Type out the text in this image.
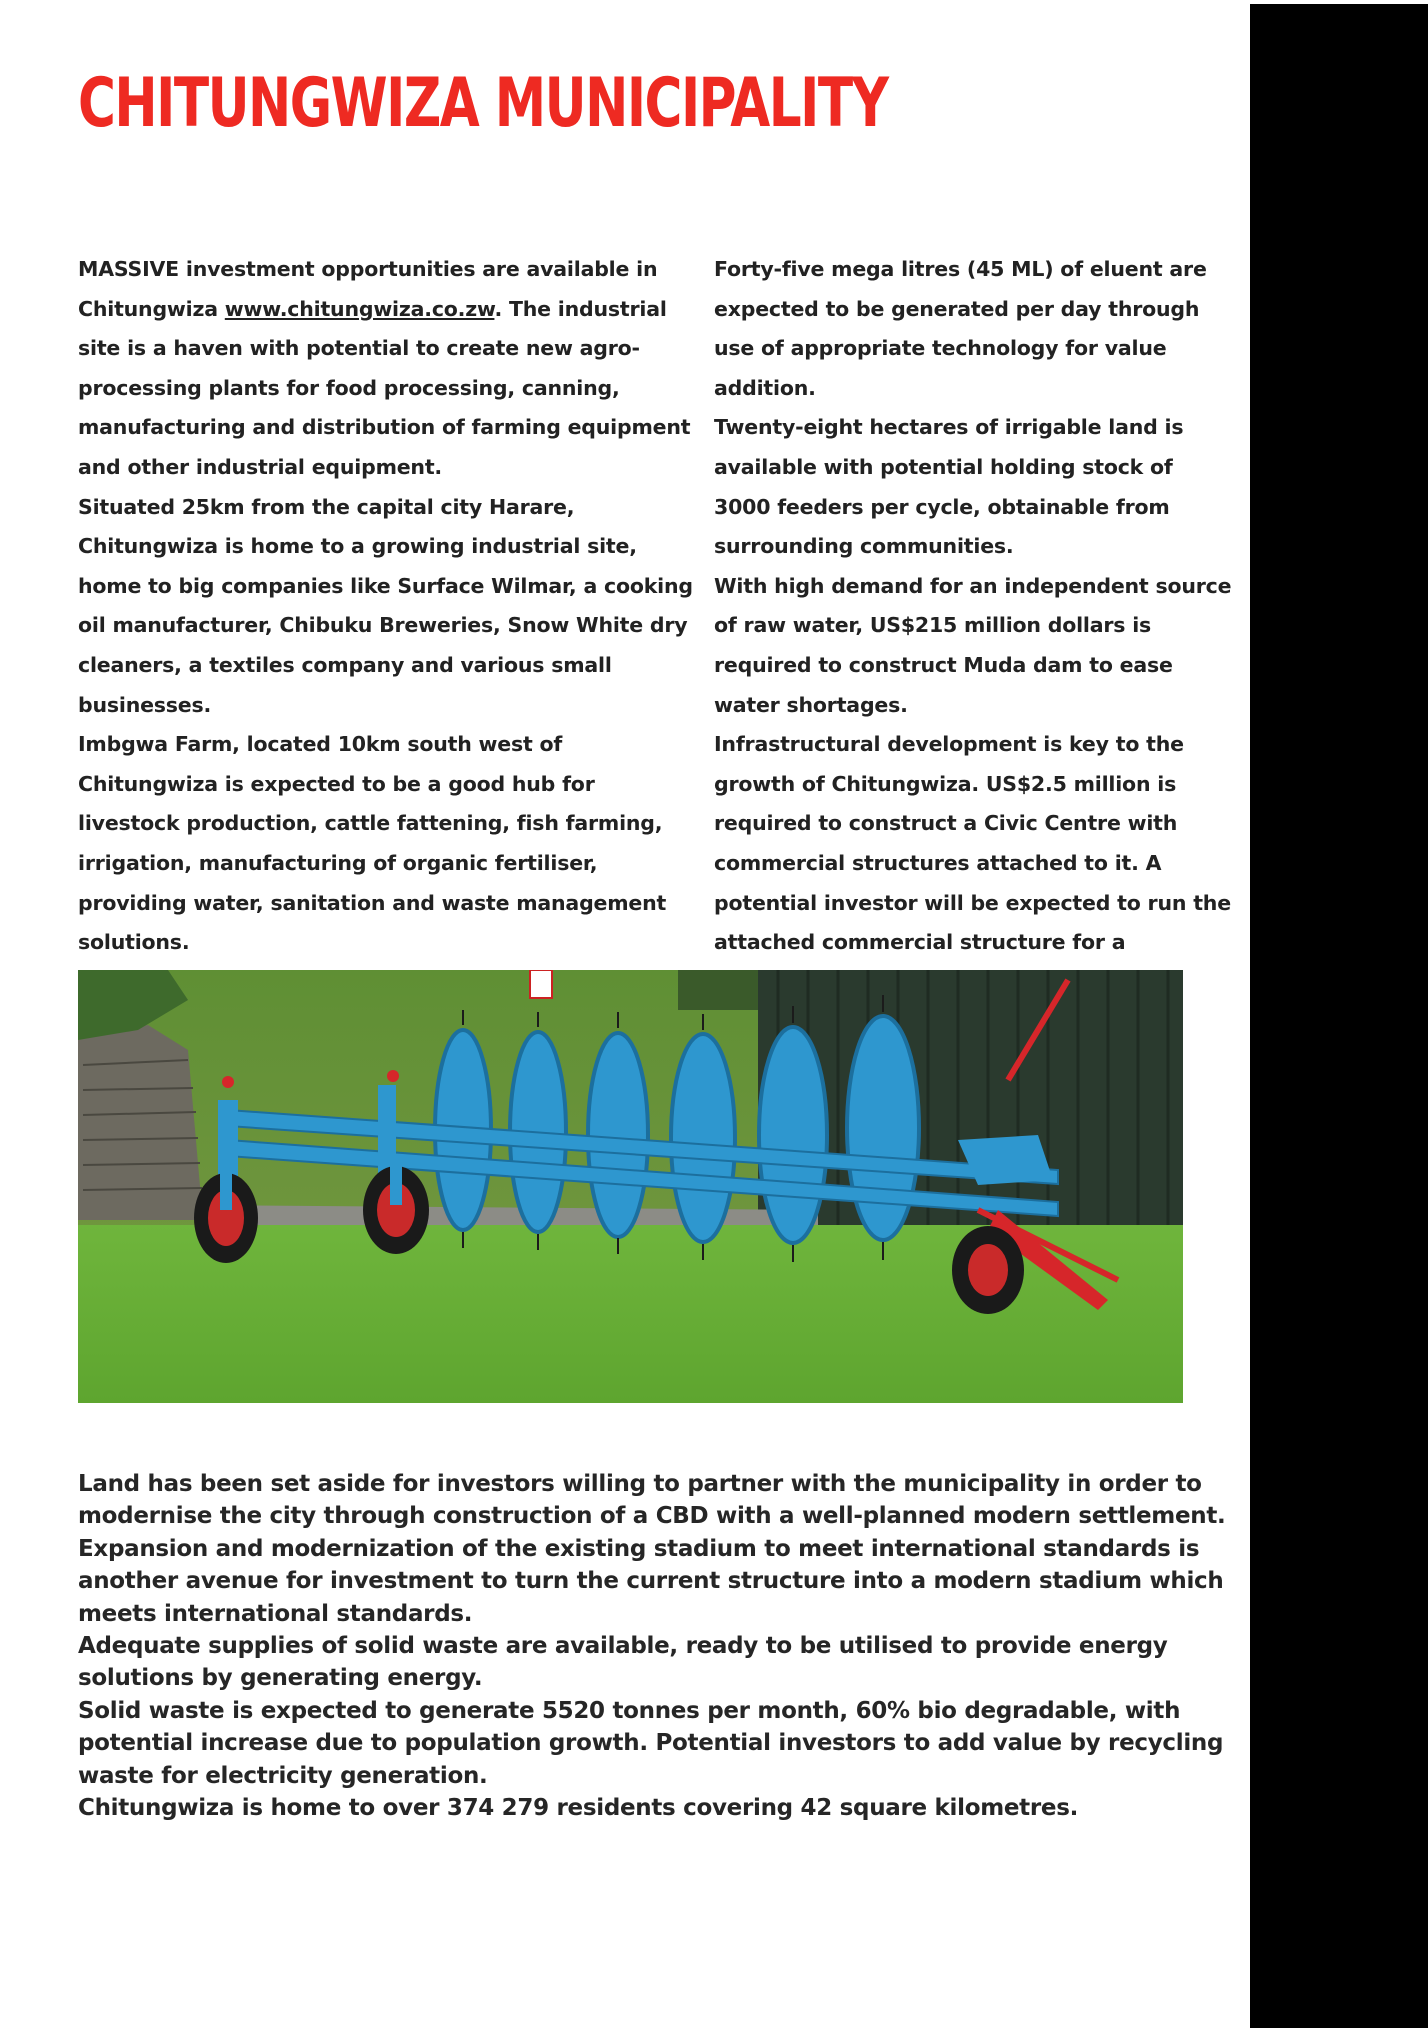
CHITUNGWIZA MUNICIPALITY

MASSIVE investment opportunities are available in Chitungwiza www.chitungwiza.co.zw. The industrial site is a haven with potential to create new agro-processing plants for food processing, canning, manufacturing and distribution of farming equipment and other industrial equipment.

Situated 25km from the capital city Harare, Chitungwiza is home to a growing industrial site, home to big companies like Surface Wilmar, a cooking oil manufacturer, Chibuku Breweries, Snow White dry cleaners, a textiles company and various small businesses.

Imbgwa Farm, located 10km south west of Chitungwiza is expected to be a good hub for livestock production, cattle fattening, fish farming, irrigation, manufacturing of organic fertiliser, providing water, sanitation and waste management solutions.

Forty-five mega litres (45 ML) of eluent are expected to be generated per day through use of appropriate technology for value addition.

Twenty-eight hectares of irrigable land is available with potential holding stock of 3000 feeders per cycle, obtainable from surrounding communities.

With high demand for an independent source of raw water, US$215 million dollars is required to construct Muda dam to ease water shortages.

Infrastructural development is key to the growth of Chitungwiza. US$2.5 million is required to construct a Civic Centre with commercial structures attached to it. A potential investor will be expected to run the attached commercial structure for a

Land has been set aside for investors willing to partner with the municipality in order to modernise the city through construction of a CBD with a well-planned modern settlement.

Expansion and modernization of the existing stadium to meet international standards is another avenue for investment to turn the current structure into a modern stadium which meets international standards.

Adequate supplies of solid waste are available, ready to be utilised to provide energy solutions by generating energy.

Solid waste is expected to generate 5520 tonnes per month, 60% bio degradable, with potential increase due to population growth. Potential investors to add value by recycling waste for electricity generation.

Chitungwiza is home to over 374 279 residents covering 42 square kilometres.
